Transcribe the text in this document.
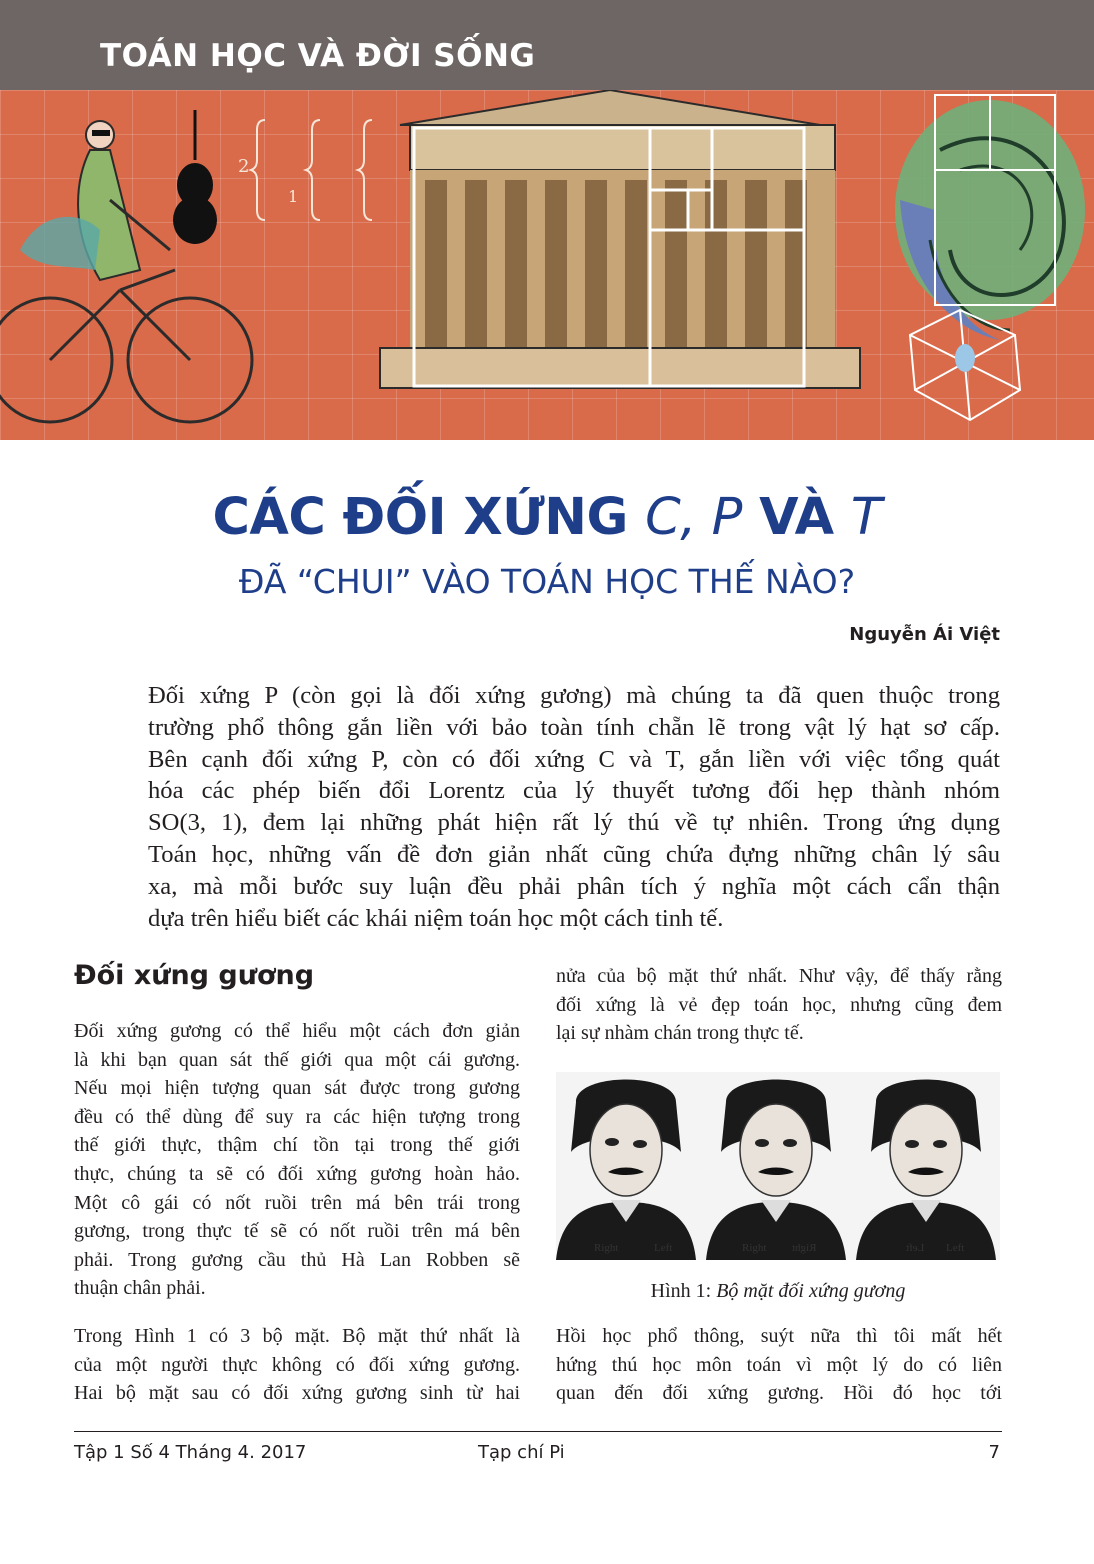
TOÁN HỌC VÀ ĐỜI SỐNG
2
1
CÁC ĐỐI XỨNG C, P VÀ T
ĐÃ “CHUI” VÀO TOÁN HỌC THẾ NÀO?
Nguyễn Ái Việt
Đối xứng P (còn gọi là đối xứng gương) mà chúng ta đã quen thuộc trong
trường phổ thông gắn liền với bảo toàn tính chẵn lẽ trong vật lý hạt sơ cấp.
Bên cạnh đối xứng P, còn có đối xứng C và T, gắn liền với việc tổng quát
hóa các phép biến đổi Lorentz của lý thuyết tương đối hẹp thành nhóm
SO(3, 1), đem lại những phát hiện rất lý thú về tự nhiên. Trong ứng dụng
Toán học, những vấn đề đơn giản nhất cũng chứa đựng những chân lý sâu
xa, mà mỗi bước suy luận đều phải phân tích ý nghĩa một cách cẩn thận
dựa trên hiểu biết các khái niệm toán học một cách tinh tế.
Đối xứng gương
Đối xứng gương có thể hiểu một cách đơn giản
là khi bạn quan sát thế giới qua một cái gương.
Nếu mọi hiện tượng quan sát được trong gương
đều có thể dùng để suy ra các hiện tượng trong
thế giới thực, thậm chí tồn tại trong thế giới
thực, chúng ta sẽ có đối xứng gương hoàn hảo.
Một cô gái có nốt ruồi trên má bên trái trong
gương, trong thực tế sẽ có nốt ruồi trên má bên
phải. Trong gương cầu thủ Hà Lan Robben sẽ
thuận chân phải.
Trong Hình 1 có 3 bộ mặt. Bộ mặt thứ nhất là
của một người thực không có đối xứng gương.
Hai bộ mặt sau có đối xứng gương sinh từ hai
nửa của bộ mặt thứ nhất. Như vậy, để thấy rằng
đối xứng là vẻ đẹp toán học, nhưng cũng đem
lại sự nhàm chán trong thực tế.
Right	Left	Right Right	Left Left
Hình 1: Bộ mặt đối xứng gương
Hồi học phổ thông, suýt nữa thì tôi mất hết
hứng thú học môn toán vì một lý do có liên
quan đến đối xứng gương. Hồi đó học tới
Tập 1 Số 4 Tháng 4. 2017	Tạp chí Pi	7
